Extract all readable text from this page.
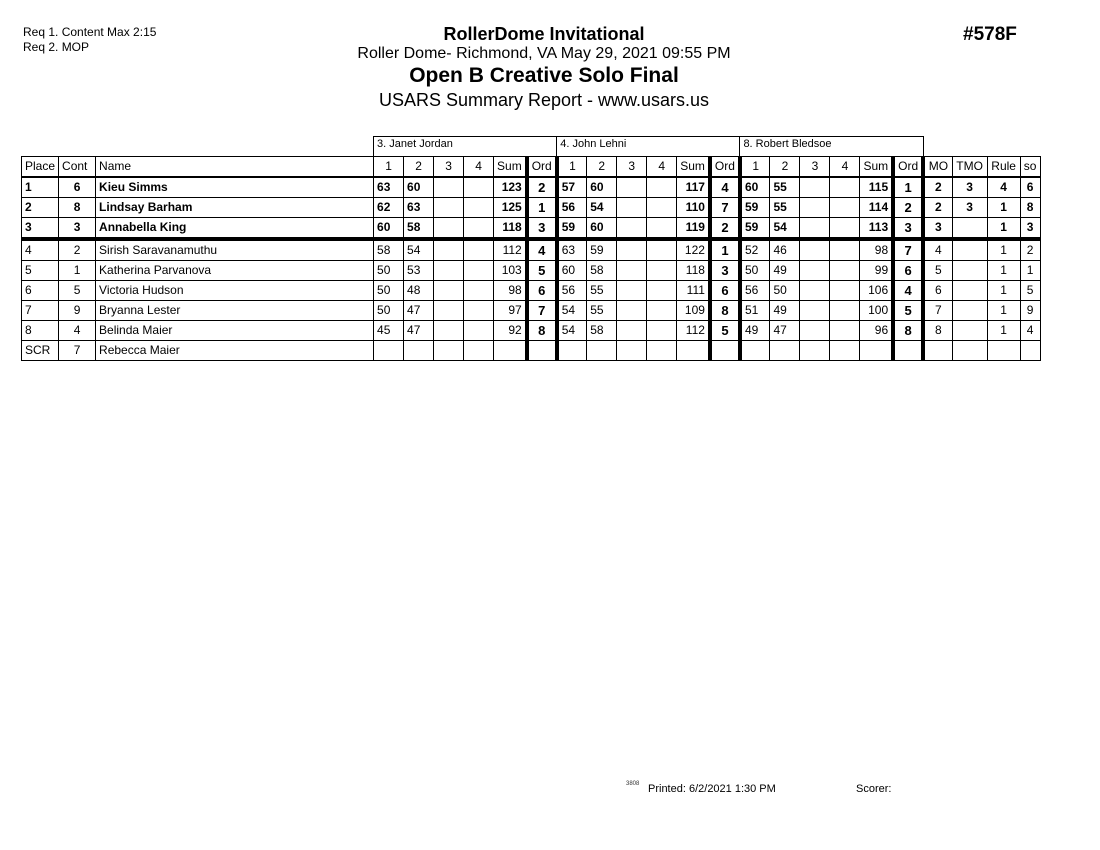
Req 1. Content Max 2:15
Req 2. MOP
RollerDome Invitational
Roller Dome- Richmond, VA May 29, 2021 09:55 PM
Open B Creative Solo Final
USARS Summary Report - www.usars.us
#578F
			3. Janet Jordan						4. John Lehni						8. Robert Bledsoe									
Place	Cont	Name	1	2	3	4	Sum	Ord	1	2	3	4	Sum	Ord	1	2	3	4	Sum	Ord	MO	TMO	Rule	so
1	6	Kieu Simms	63	60			123	2	57	60			117	4	60	55			115	1	2	3	4	6
2	8	Lindsay Barham	62	63			125	1	56	54			110	7	59	55			114	2	2	3	1	8
3	3	Annabella King	60	58			118	3	59	60			119	2	59	54			113	3	3		1	3
4	2	Sirish Saravanamuthu	58	54			112	4	63	59			122	1	52	46			98	7	4		1	2
5	1	Katherina Parvanova	50	53			103	5	60	58			118	3	50	49			99	6	5		1	1
6	5	Victoria Hudson	50	48			98	6	56	55			111	6	56	50			106	4	6		1	5
7	9	Bryanna Lester	50	47			97	7	54	55			109	8	51	49			100	5	7		1	9
8	4	Belinda Maier	45	47			92	8	54	58			112	5	49	47			96	8	8		1	4
SCR	7	Rebecca Maier																						
3808 Printed: 6/2/2021 1:30 PM	Scorer:
